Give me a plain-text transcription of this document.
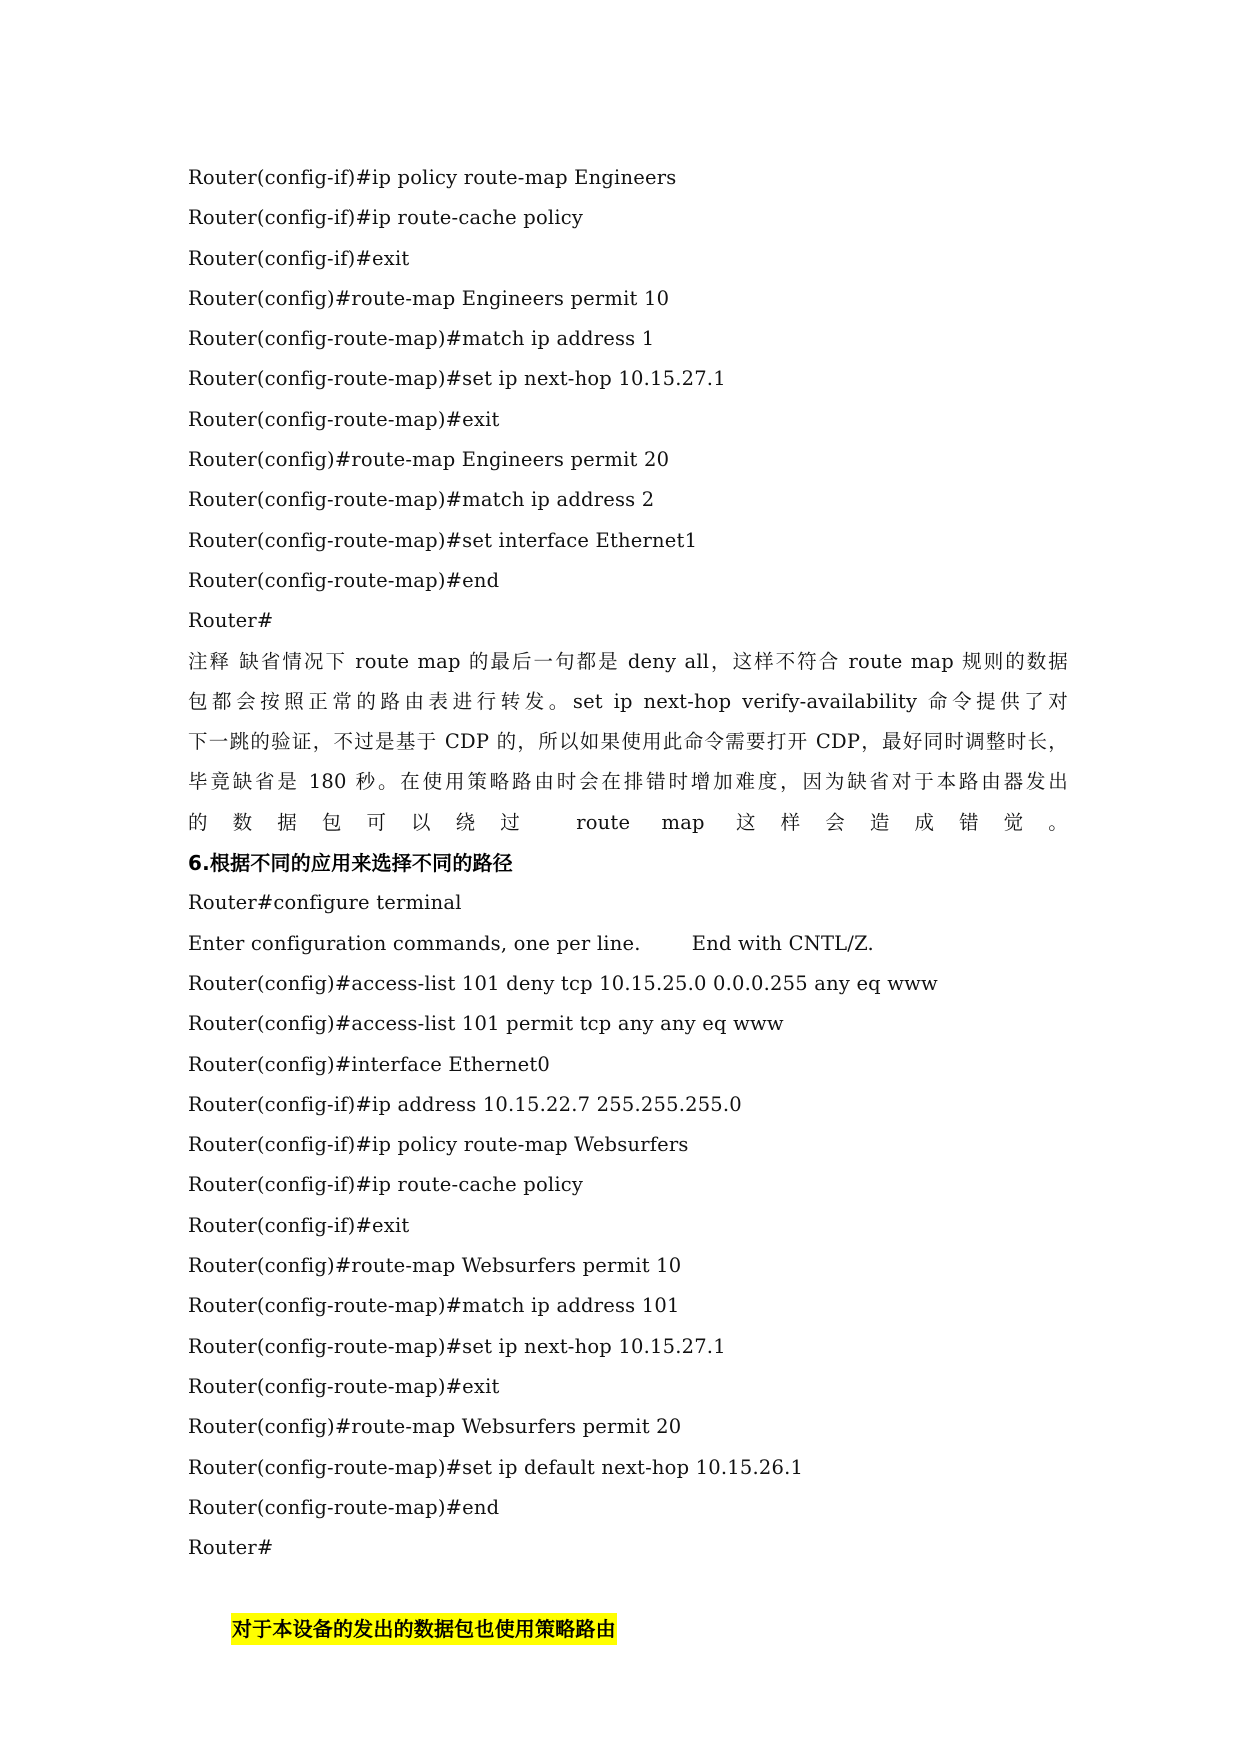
Router(config-if)#ip policy route-map Engineers
Router(config-if)#ip route-cache policy
Router(config-if)#exit
Router(config)#route-map Engineers permit 10
Router(config-route-map)#match ip address 1
Router(config-route-map)#set ip next-hop 10.15.27.1
Router(config-route-map)#exit
Router(config)#route-map Engineers permit 20
Router(config-route-map)#match ip address 2
Router(config-route-map)#set interface Ethernet1
Router(config-route-map)#end
Router#
注释 缺省情况下 route map 的最后一句都是 deny all，这样不符合 route map 规则的数据
包都会按照正常的路由表进行转发。set ip next-hop verify-availability 命令提供了对
下一跳的验证，不过是基于 CDP 的，所以如果使用此命令需要打开 CDP，最好同时调整时长，
毕竟缺省是 180 秒。在使用策略路由时会在排错时增加难度，因为缺省对于本路由器发出
的数据包可以绕过 route map 这样会造成错觉。
6.根据不同的应用来选择不同的路径
Router#configure terminal
Enter configuration commands, one per line.        End with CNTL/Z.
Router(config)#access-list 101 deny tcp 10.15.25.0 0.0.0.255 any eq www
Router(config)#access-list 101 permit tcp any any eq www
Router(config)#interface Ethernet0
Router(config-if)#ip address 10.15.22.7 255.255.255.0
Router(config-if)#ip policy route-map Websurfers
Router(config-if)#ip route-cache policy
Router(config-if)#exit
Router(config)#route-map Websurfers permit 10
Router(config-route-map)#match ip address 101
Router(config-route-map)#set ip next-hop 10.15.27.1
Router(config-route-map)#exit
Router(config)#route-map Websurfers permit 20
Router(config-route-map)#set ip default next-hop 10.15.26.1
Router(config-route-map)#end
Router#

对于本设备的发出的数据包也使用策略路由
